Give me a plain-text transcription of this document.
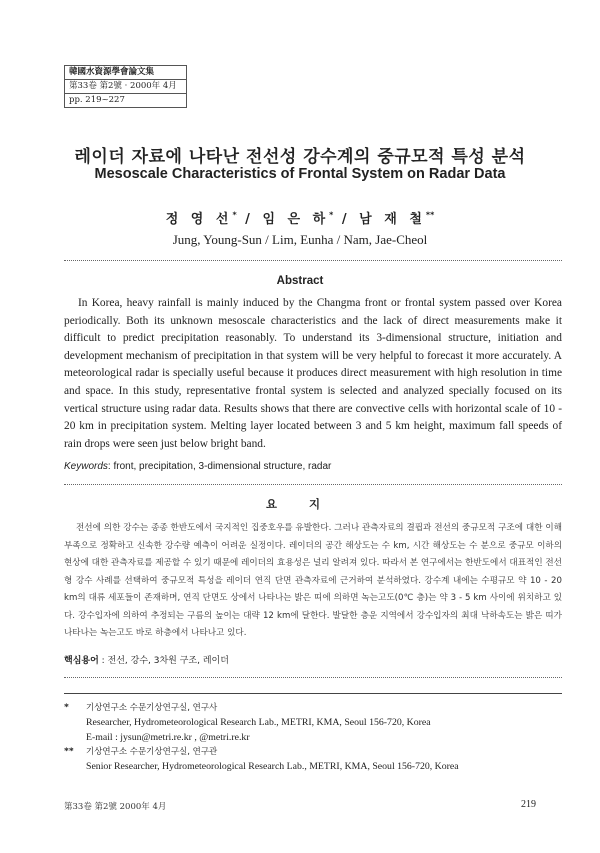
韓國水資源學會論文集
第33卷 第2號 · 2000年 4月
pp. 219~227
레이더 자료에 나타난 전선성 강수계의 중규모적 특성 분석
Mesoscale Characteristics of Frontal System on Radar Data
정 영 선* / 임 은 하* / 남 재 철**
Jung, Young-Sun / Lim, Eunha / Nam, Jae-Cheol
Abstract

In Korea, heavy rainfall is mainly induced by the Changma front or frontal system passed over Korea periodically. Both its unknown mesoscale characteristics and the lack of direct measurements make it difficult to predict precipitation reasonably. To understand its 3-dimensional structure, initiation and development mechanism of precipitation in that system will be very helpful to forecast it more accurately. A meteorological radar is specially useful because it produces direct measurement with high resolution in time and space. In this study, representative frontal system is selected and analyzed specially focused on its vertical structure using radar data. Results shows that there are convective cells with horizontal scale of 10 - 20 km in precipitation system. Melting layer located between 3 and 5 km height, maximum fall speeds of rain drops were seen just below bright band.

Keywords: front, precipitation, 3-dimensional structure, radar
요 지

전선에 의한 강수는 종종 한반도에서 국지적인 집중호우를 유발한다. 그러나 관측자료의 결핍과 전선의 중규모적 구조에 대한 이해 부족으로 정확하고 신속한 강수량 예측이 어려운 실정이다. 레이더의 공간 해상도는 수 km, 시간 해상도는 수 분으로 중규모 이하의 현상에 대한 관측자료를 제공할 수 있기 때문에 레이더의 효용성은 널리 알려져 있다. 따라서 본 연구에서는 한반도에서 대표적인 전선형 강수 사례를 선택하여 중규모적 특성을 레이더 연직 단면 관측자료에 근거하여 분석하였다. 강수계 내에는 수평규모 약 10 - 20 km의 대류 세포들이 존재하며, 연직 단면도 상에서 나타나는 밝은 띠에 의하면 녹는고도(0℃ 층)는 약 3 - 5 km 사이에 위치하고 있다. 강수입자에 의하여 추정되는 구름의 높이는 대략 12 km에 달한다. 발달한 층운 지역에서 강수입자의 최대 낙하속도는 밝은 띠가 나타나는 녹는고도 바로 하층에서 나타나고 있다.

핵심용어 : 전선, 강수, 3차원 구조, 레이더
* 기상연구소 수문기상연구실, 연구사
Researcher, Hydrometeorological Research Lab., METRI, KMA, Seoul 156-720, Korea
E-mail : jysun@metri.re.kr , @metri.re.kr
** 기상연구소 수문기상연구실, 연구관
Senior Researcher, Hydrometeorological Research Lab., METRI, KMA, Seoul 156-720, Korea
第33卷 第2號 2000年 4月	219
